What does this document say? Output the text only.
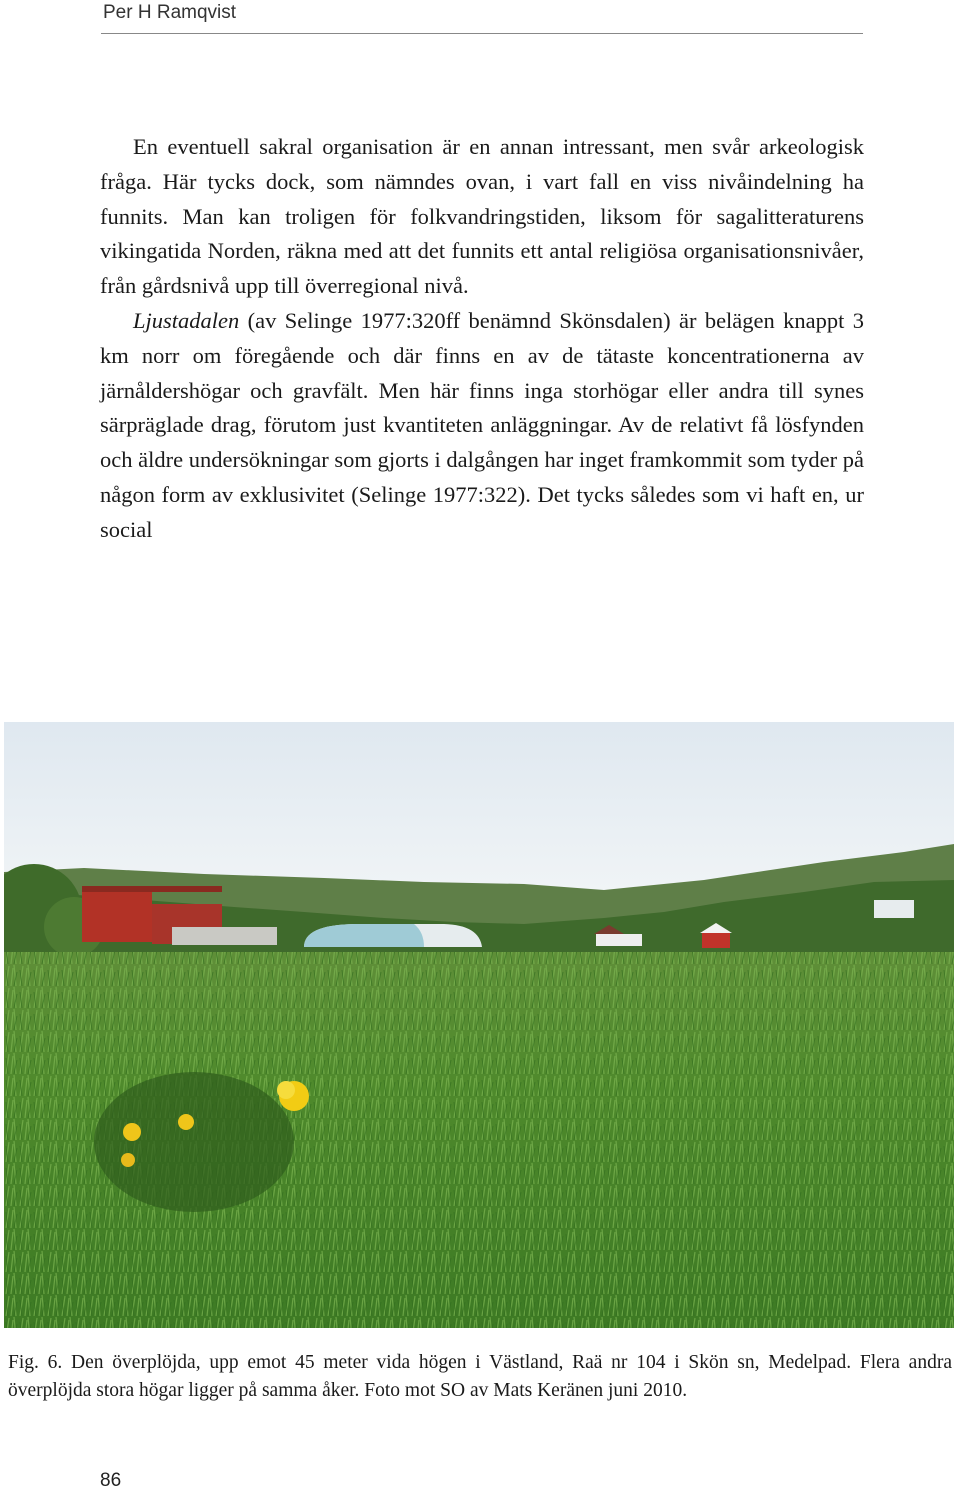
Per H Ramqvist

En eventuell sakral organisation är en annan intressant, men svår arkeologisk fråga. Här tycks dock, som nämndes ovan, i vart fall en viss nivåindelning ha funnits. Man kan troligen för folkvandringstiden, liksom för sagalitteraturens vikingatida Norden, räkna med att det funnits ett antal religiösa organisationsnivåer, från gårdsnivå upp till överregional nivå.

Ljustadalen (av Selinge 1977:320ff benämnd Skönsdalen) är belägen knappt 3 km norr om föregående och där finns en av de tätaste koncentrationerna av järnåldershögar och gravfält. Men här finns inga storhögar eller andra till synes särpräglade drag, förutom just kvantiteten anläggningar. Av de relativt få lösfynden och äldre undersökningar som gjorts i dalgången har inget framkommit som tyder på någon form av exklusivitet (Selinge 1977:322). Det tycks således som vi haft en, ur social

Fig. 6. Den överplöjda, upp emot 45 meter vida högen i Västland, Raä nr 104 i Skön sn, Medelpad. Flera andra överplöjda stora högar ligger på samma åker. Foto mot SO av Mats Keränen juni 2010.

86
